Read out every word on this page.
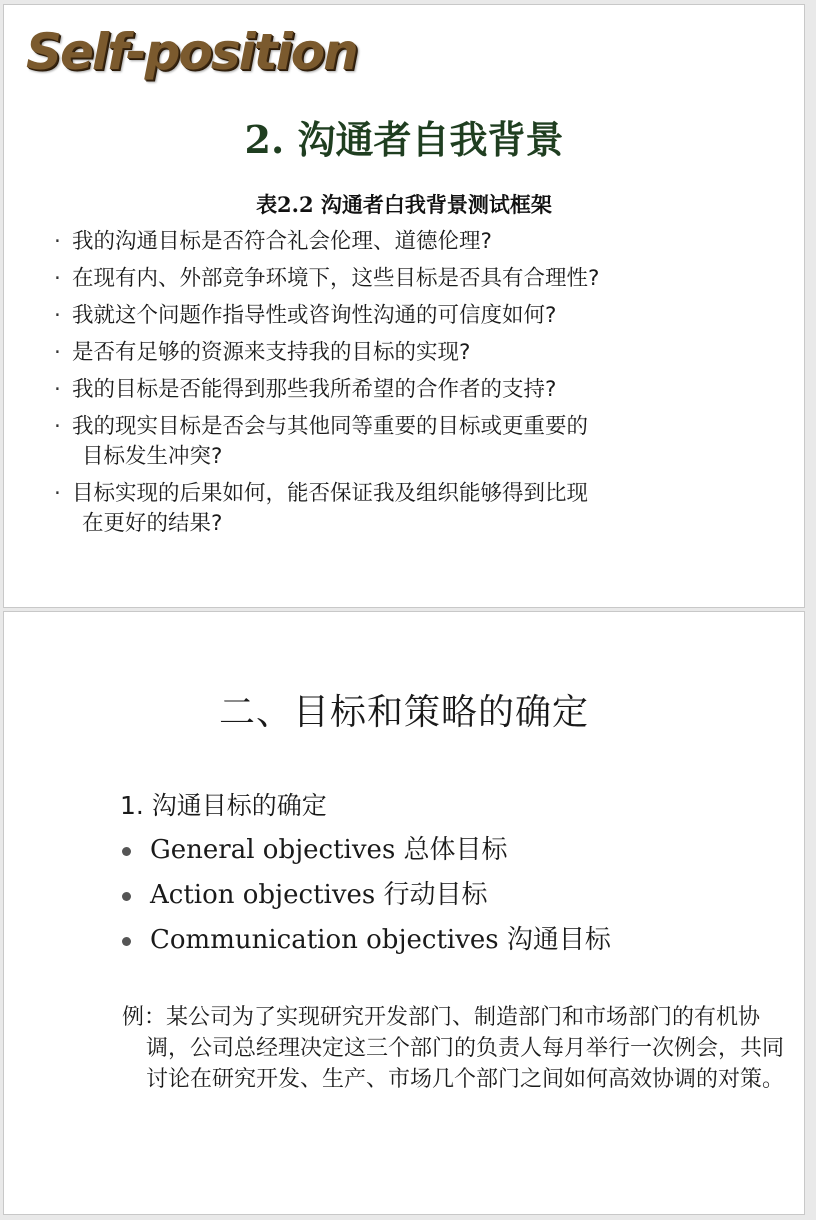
Self-position
2. 沟通者自我背景
表2.2 沟通者白我背景测试框架
· 我的沟通目标是否符合礼会伦理、道德伦理?
· 在现有内、外部竞争环境下，这些目标是否具有合理性?
· 我就这个问题作指导性或咨询性沟通的可信度如何?
· 是否有足够的资源来支持我的目标的实现?
· 我的目标是否能得到那些我所希望的合作者的支持?
· 我的现实目标是否会与其他同等重要的目标或更重要的
目标发生冲突?
· 目标实现的后果如何，能否保证我及组织能够得到比现
在更好的结果?
二、目标和策略的确定
1. 沟通目标的确定
General objectives 总体目标
Action objectives 行动目标
Communication objectives 沟通目标
例：某公司为了实现研究开发部门、制造部门和市场部门的有机协调，公司总经理决定这三个部门的负责人每月举行一次例会，共同讨论在研究开发、生产、市场几个部门之间如何高效协调的对策。
